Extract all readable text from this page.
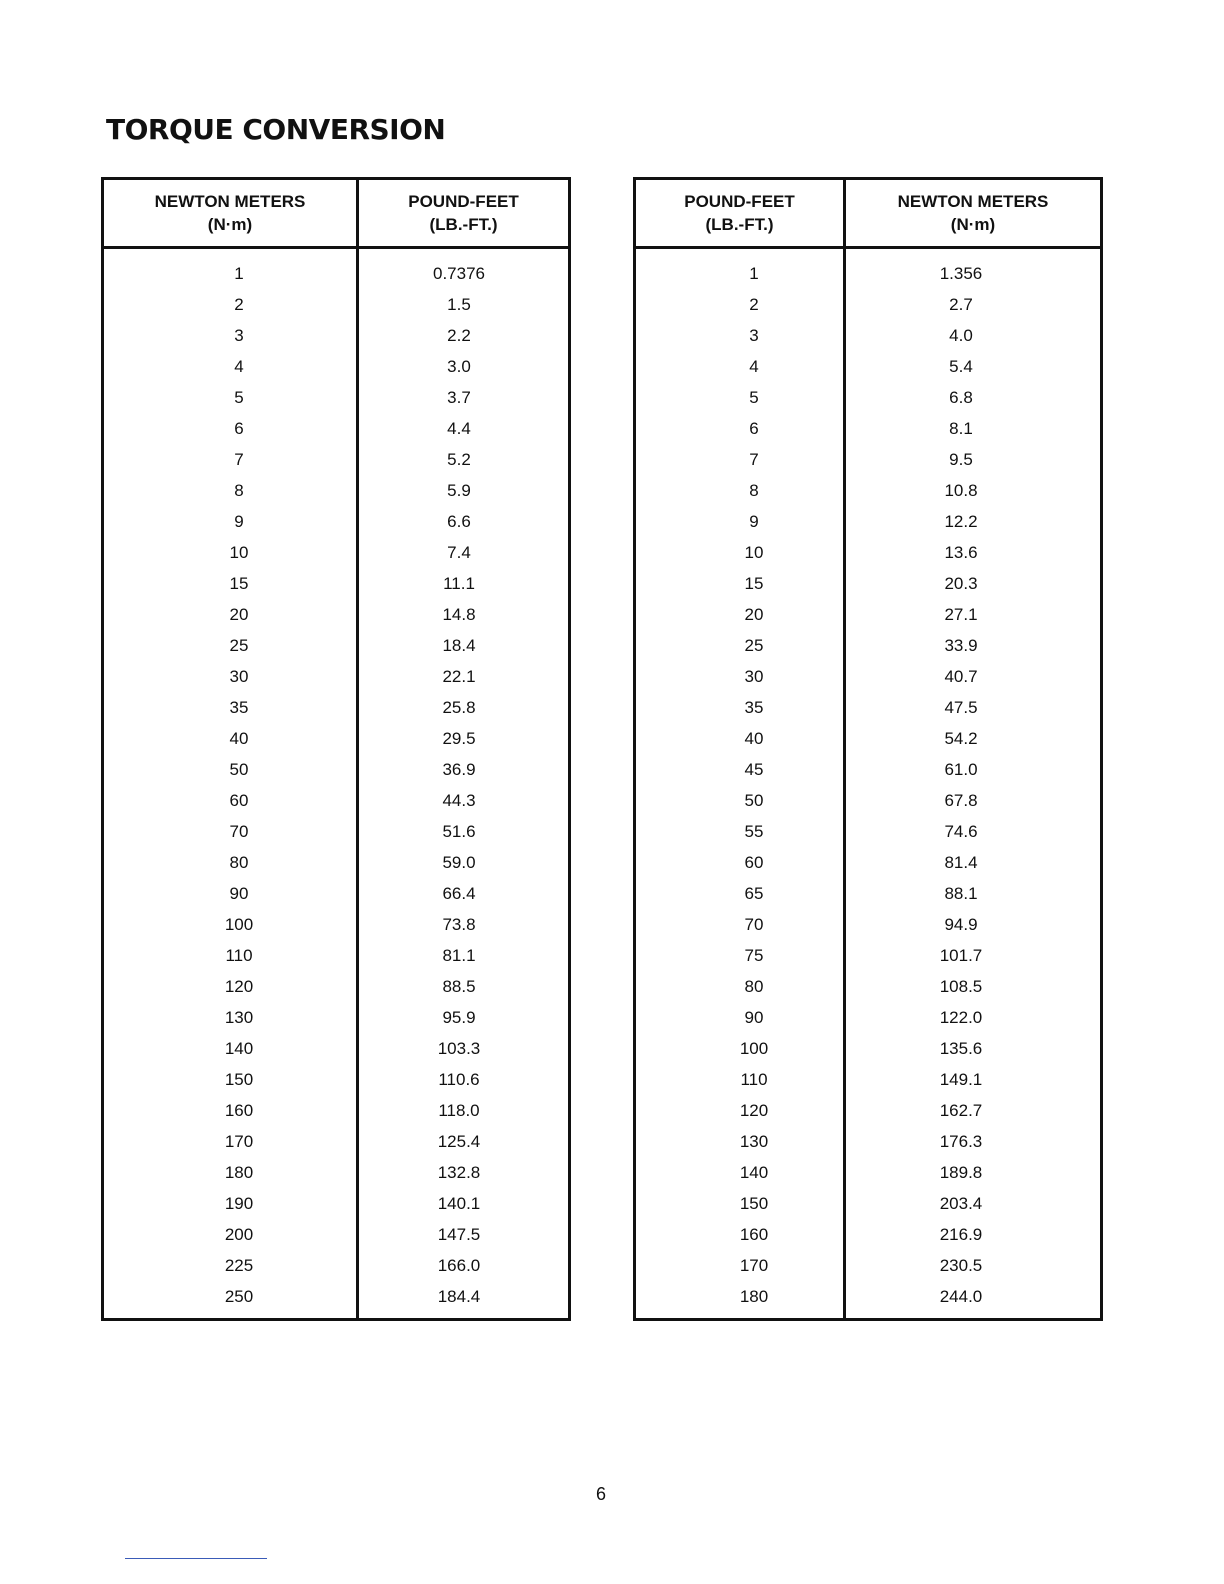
TORQUE CONVERSION
NEWTON METERS
(N·m)
POUND-FEET
(LB.-FT.)
1	0.7376
2	1.5
3	2.2
4	3.0
5	3.7
6	4.4
7	5.2
8	5.9
9	6.6
10	7.4
15	11.1
20	14.8
25	18.4
30	22.1
35	25.8
40	29.5
50	36.9
60	44.3
70	51.6
80	59.0
90	66.4
100	73.8
110	81.1
120	88.5
130	95.9
140	103.3
150	110.6
160	118.0
170	125.4
180	132.8
190	140.1
200	147.5
225	166.0
250	184.4
POUND-FEET
(LB.-FT.)
NEWTON METERS
(N·m)
1	1.356
2	2.7
3	4.0
4	5.4
5	6.8
6	8.1
7	9.5
8	10.8
9	12.2
10	13.6
15	20.3
20	27.1
25	33.9
30	40.7
35	47.5
40	54.2
45	61.0
50	67.8
55	74.6
60	81.4
65	88.1
70	94.9
75	101.7
80	108.5
90	122.0
100	135.6
110	149.1
120	162.7
130	176.3
140	189.8
150	203.4
160	216.9
170	230.5
180	244.0
6
